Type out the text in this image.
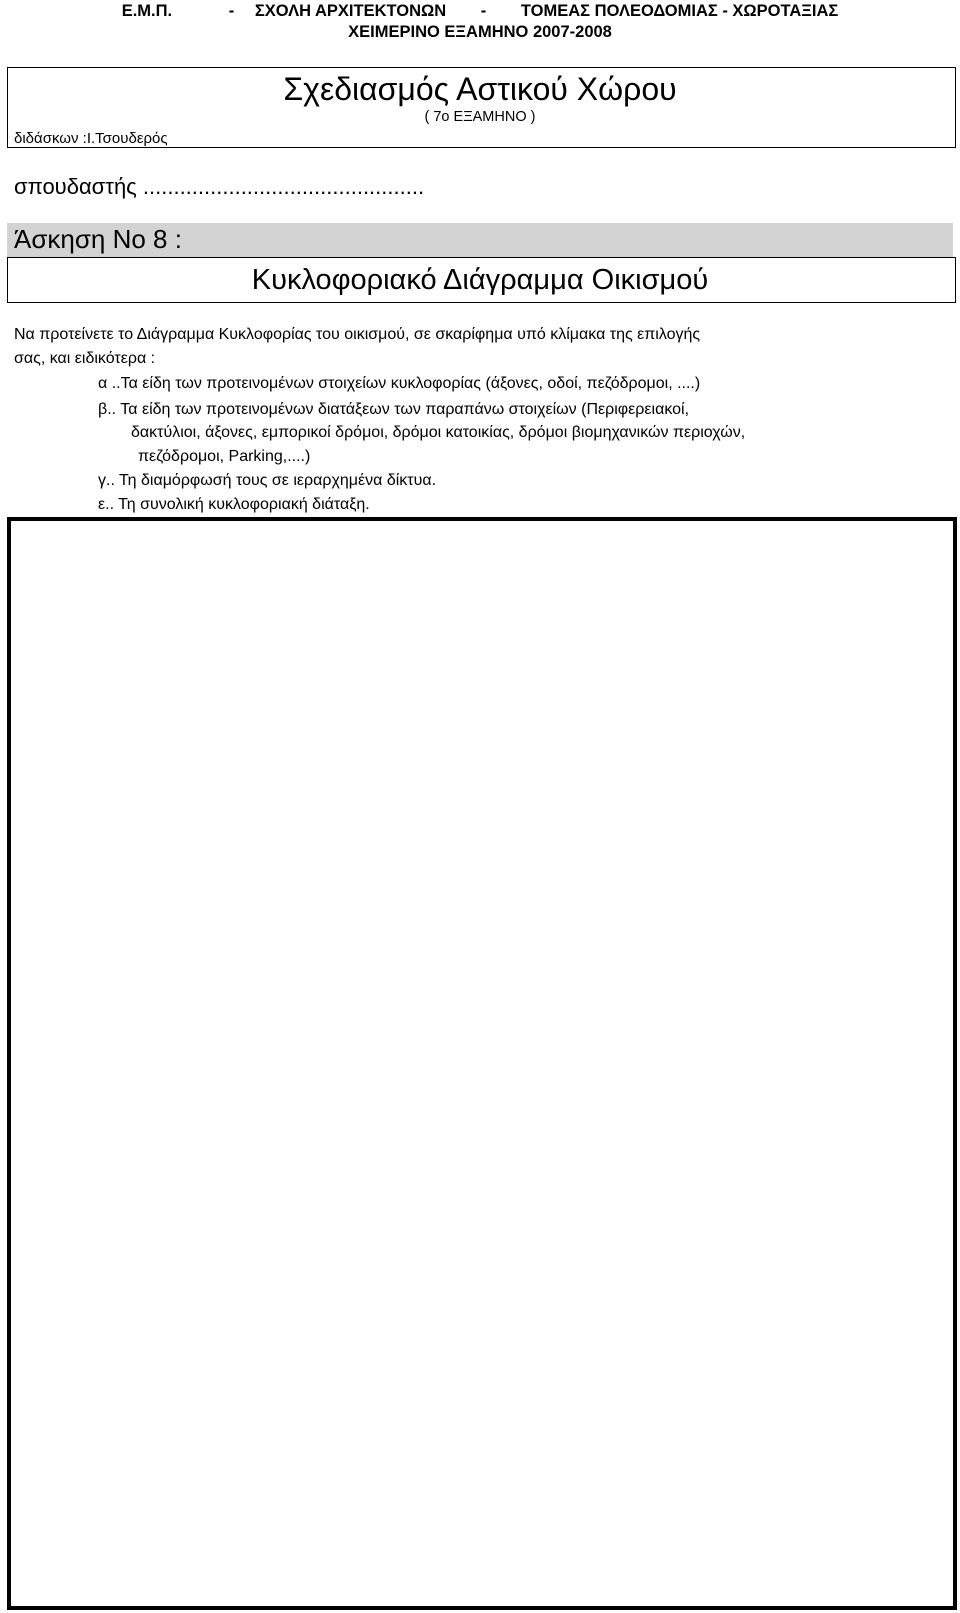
Ε.Μ.Π.	- ΣΧΟΛΗ ΑΡΧΙΤΕΚΤΟΝΩΝ - ΤΟΜΕΑΣ ΠΟΛΕΟΔΟΜΙΑΣ - ΧΩΡΟΤΑΞΙΑΣ
ΧΕΙΜΕΡΙΝΟ ΕΞΑΜΗΝΟ 2007-2008
Σχεδιασμός Αστικού Χώρου
( 7ο ΕΞΑΜΗΝΟ )
διδάσκων :Ι.Τσουδερός
σπουδαστής ..............................................
Άσκηση Νο 8 :
Κυκλοφοριακό Διάγραμμα Οικισμού
Να προτείνετε το Διάγραμμα Κυκλοφορίας του οικισμού, σε σκαρίφημα υπό κλίμακα της επιλογής
σας, και ειδικότερα :
α ..Τα είδη των προτεινομένων στοιχείων κυκλοφορίας (άξονες, οδοί, πεζόδρομοι, ....)
β.. Τα είδη των προτεινομένων διατάξεων των παραπάνω στοιχείων (Περιφερειακοί,
δακτύλιοι, άξονες, εμπορικοί δρόμοι, δρόμοι κατοικίας, δρόμοι βιομηχανικών περιοχών,
πεζόδρομοι, Parking,....)
γ.. Τη διαμόρφωσή τους σε ιεραρχημένα δίκτυα.
ε.. Τη συνολική κυκλοφοριακή διάταξη.
